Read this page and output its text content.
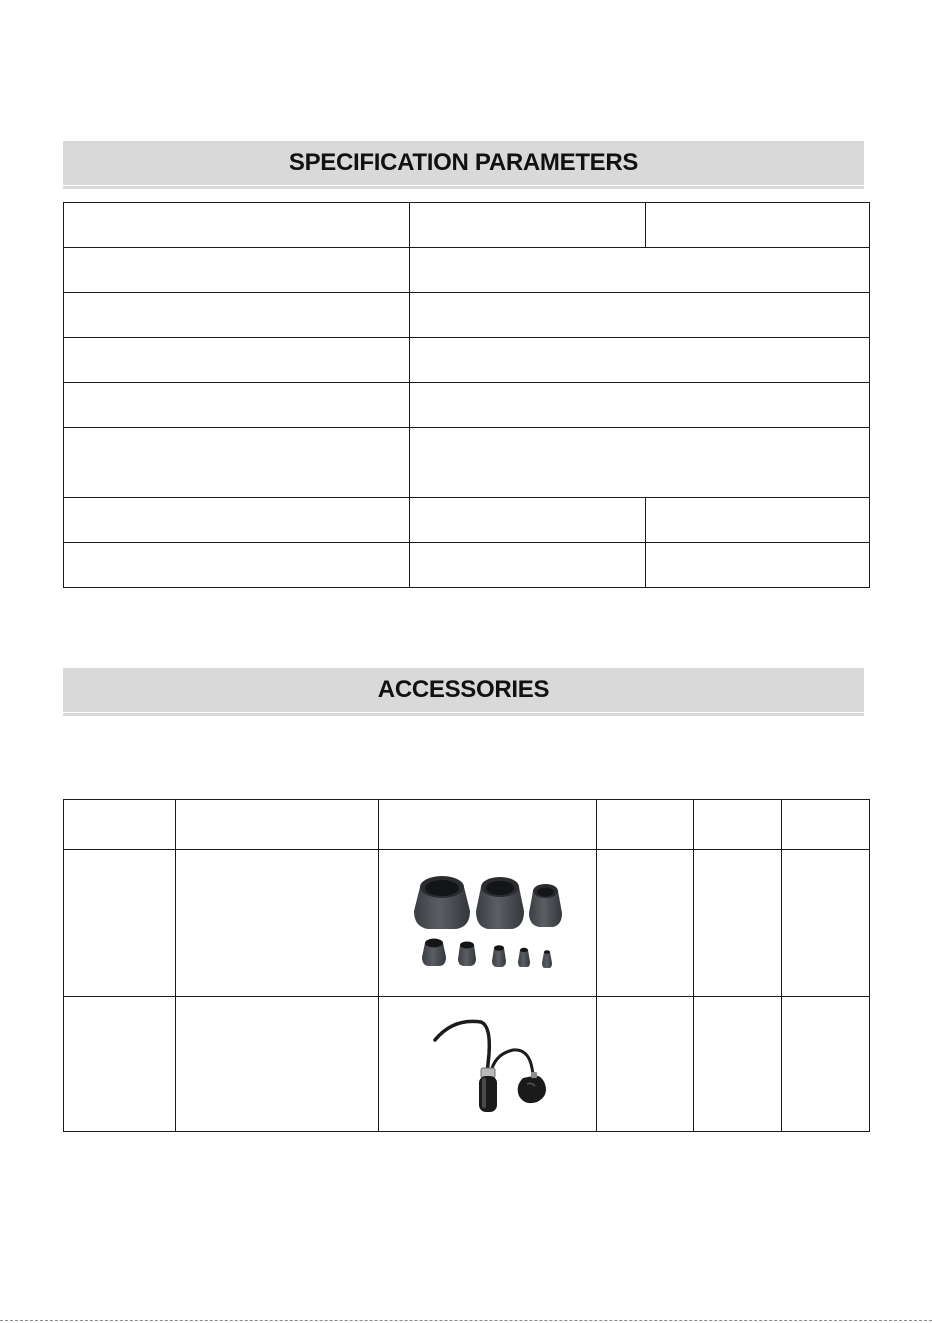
SPECIFICATION PARAMETERS

ACCESSORIES
